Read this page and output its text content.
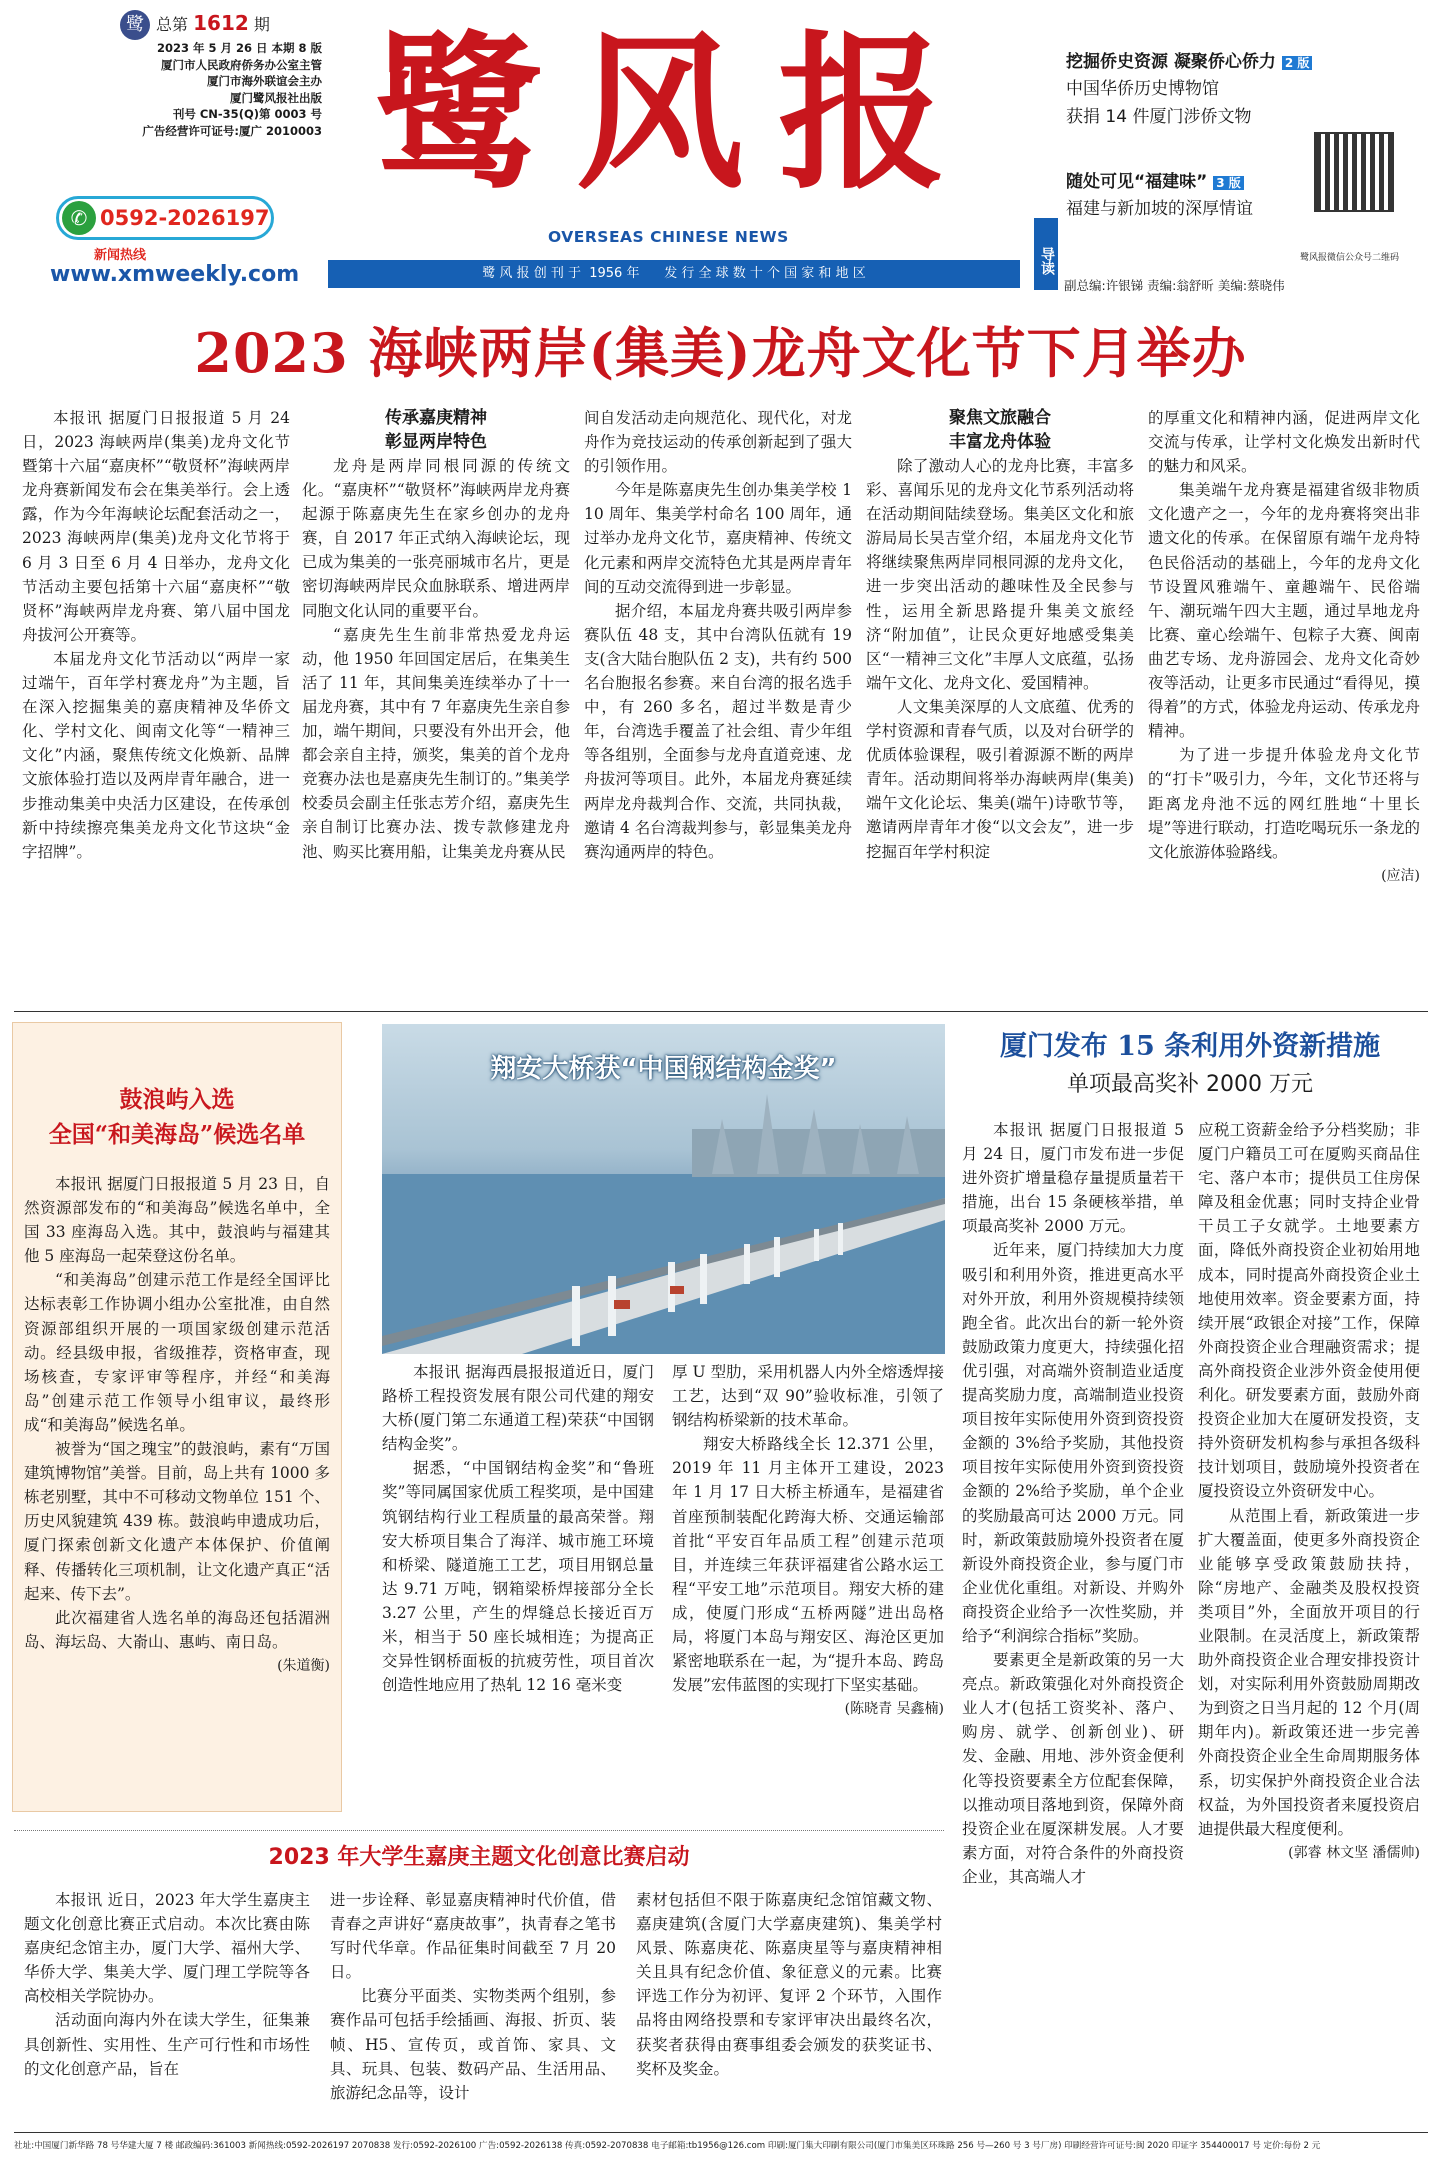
鹭 总第 1612 期
2023 年 5 月 26 日 本期 8 版
厦门市人民政府侨务办公室主管
厦门市海外联谊会主办
厦门鹭风报社出版
刊号 CN-35(Q)第 0003 号
广告经营许可证号:厦广 2010003
✆ 0592-2026197
新闻热线
www.xmweekly.com
鹭风报
OVERSEAS CHINESE NEWS
鹭 风 报 创 刊 于  1956 年      发 行 全 球 数 十 个 国 家 和 地 区	导读
挖掘侨史资源 凝聚侨心侨力 2 版
中国华侨历史博物馆
获捐 14 件厦门涉侨文物
随处可见“福建味” 3 版
福建与新加坡的深厚情谊
鹭风报微信公众号二维码
副总编:许银锑 责编:翁舒昕 美编:蔡晓伟
2023 海峡两岸(集美)龙舟文化节下月举办

本报讯 据厦门日报报道 5 月 24 日，2023 海峡两岸(集美)龙舟文化节暨第十六届“嘉庚杯”“敬贤杯”海峡两岸龙舟赛新闻发布会在集美举行。会上透露，作为今年海峡论坛配套活动之一，2023 海峡两岸(集美)龙舟文化节将于 6 月 3 日至 6 月 4 日举办，龙舟文化节活动主要包括第十六届“嘉庚杯”“敬贤杯”海峡两岸龙舟赛、第八届中国龙舟拔河公开赛等。

本届龙舟文化节活动以“两岸一家过端午，百年学村赛龙舟”为主题，旨在深入挖掘集美的嘉庚精神及华侨文化、学村文化、闽南文化等“一精神三文化”内涵，聚焦传统文化焕新、品牌文旅体验打造以及两岸青年融合，进一步推动集美中央活力区建设，在传承创新中持续擦亮集美龙舟文化节这块“金字招牌”。

传承嘉庚精神
彰显两岸特色

龙舟是两岸同根同源的传统文化。“嘉庚杯”“敬贤杯”海峡两岸龙舟赛起源于陈嘉庚先生在家乡创办的龙舟赛，自 2017 年正式纳入海峡论坛，现已成为集美的一张亮丽城市名片，更是密切海峡两岸民众血脉联系、增进两岸同胞文化认同的重要平台。

“嘉庚先生生前非常热爱龙舟运动，他 1950 年回国定居后，在集美生活了 11 年，其间集美连续举办了十一届龙舟赛，其中有 7 年嘉庚先生亲自参加，端午期间，只要没有外出开会，他都会亲自主持，颁奖，集美的首个龙舟竞赛办法也是嘉庚先生制订的。”集美学校委员会副主任张志芳介绍，嘉庚先生亲自制订比赛办法、拨专款修建龙舟池、购买比赛用船，让集美龙舟赛从民

间自发活动走向规范化、现代化，对龙舟作为竞技运动的传承创新起到了强大的引领作用。

今年是陈嘉庚先生创办集美学校 110 周年、集美学村命名 100 周年，通过举办龙舟文化节，嘉庚精神、传统文化元素和两岸交流特色尤其是两岸青年间的互动交流得到进一步彰显。

据介绍，本届龙舟赛共吸引两岸参赛队伍 48 支，其中台湾队伍就有 19 支(含大陆台胞队伍 2 支)，共有约 500 名台胞报名参赛。来自台湾的报名选手中，有 260 多名，超过半数是青少年，台湾选手覆盖了社会组、青少年组等各组别，全面参与龙舟直道竞速、龙舟拔河等项目。此外，本届龙舟赛延续两岸龙舟裁判合作、交流，共同执裁，邀请 4 名台湾裁判参与，彰显集美龙舟赛沟通两岸的特色。

聚焦文旅融合
丰富龙舟体验

除了激动人心的龙舟比赛，丰富多彩、喜闻乐见的龙舟文化节系列活动将在活动期间陆续登场。集美区文化和旅游局局长吴吉堂介绍，本届龙舟文化节将继续聚焦两岸同根同源的龙舟文化，进一步突出活动的趣味性及全民参与性，运用全新思路提升集美文旅经济“附加值”，让民众更好地感受集美区“一精神三文化”丰厚人文底蕴，弘扬端午文化、龙舟文化、爱国精神。

人文集美深厚的人文底蕴、优秀的学村资源和青春气质，以及对台研学的优质体验课程，吸引着源源不断的两岸青年。活动期间将举办海峡两岸(集美)端午文化论坛、集美(端午)诗歌节等，邀请两岸青年才俊“以文会友”，进一步挖掘百年学村积淀

的厚重文化和精神内涵，促进两岸文化交流与传承，让学村文化焕发出新时代的魅力和风采。

集美端午龙舟赛是福建省级非物质文化遗产之一，今年的龙舟赛将突出非遗文化的传承。在保留原有端午龙舟特色民俗活动的基础上，今年的龙舟文化节设置风雅端午、童趣端午、民俗端午、潮玩端午四大主题，通过旱地龙舟比赛、童心绘端午、包粽子大赛、闽南曲艺专场、龙舟游园会、龙舟文化奇妙夜等活动，让更多市民通过“看得见，摸得着”的方式，体验龙舟运动、传承龙舟精神。

为了进一步提升体验龙舟文化节的“打卡”吸引力，今年，文化节还将与距离龙舟池不远的网红胜地“十里长堤”等进行联动，打造吃喝玩乐一条龙的文化旅游体验路线。

(应洁)
鼓浪屿入选
全国“和美海岛”候选名单

本报讯 据厦门日报报道 5 月 23 日，自然资源部发布的“和美海岛”候选名单中，全国 33 座海岛入选。其中，鼓浪屿与福建其他 5 座海岛一起荣登这份名单。

“和美海岛”创建示范工作是经全国评比达标表彰工作协调小组办公室批准，由自然资源部组织开展的一项国家级创建示范活动。经县级申报，省级推荐，资格审查，现场核查，专家评审等程序，并经“和美海岛”创建示范工作领导小组审议，最终形成“和美海岛”候选名单。

被誉为“国之瑰宝”的鼓浪屿，素有“万国建筑博物馆”美誉。目前，岛上共有 1000 多栋老别墅，其中不可移动文物单位 151 个、历史风貌建筑 439 栋。鼓浪屿申遗成功后，厦门探索创新文化遗产本体保护、价值阐释、传播转化三项机制，让文化遗产真正“活起来、传下去”。

此次福建省人选名单的海岛还包括湄洲岛、海坛岛、大嵛山、惠屿、南日岛。

(朱道衡)
翔安大桥获“中国钢结构金奖”

本报讯 据海西晨报报道近日，厦门路桥工程投资发展有限公司代建的翔安大桥(厦门第二东通道工程)荣获“中国钢结构金奖”。

据悉，“中国钢结构金奖”和“鲁班奖”等同属国家优质工程奖项，是中国建筑钢结构行业工程质量的最高荣誉。翔安大桥项目集合了海洋、城市施工环境和桥梁、隧道施工工艺，项目用钢总量达 9.71 万吨，钢箱梁桥焊接部分全长 3.27 公里，产生的焊缝总长接近百万米，相当于 50 座长城相连；为提高正交异性钢桥面板的抗疲劳性，项目首次创造性地应用了热轧 12 16 毫米变

厚 U 型肋，采用机器人内外全熔透焊接工艺，达到“双 90”验收标准，引领了钢结构桥梁新的技术革命。

翔安大桥路线全长 12.371 公里，2019 年 11 月主体开工建设，2023 年 1 月 17 日大桥主桥通车，是福建省首座预制装配化跨海大桥、交通运输部首批“平安百年品质工程”创建示范项目，并连续三年获评福建省公路水运工程“平安工地”示范项目。翔安大桥的建成，使厦门形成“五桥两隧”进出岛格局，将厦门本岛与翔安区、海沧区更加紧密地联系在一起，为“提升本岛、跨岛发展”宏伟蓝图的实现打下坚实基础。

(陈晓青 吴鑫楠)
厦门发布 15 条利用外资新措施
单项最高奖补 2000 万元

本报讯 据厦门日报报道 5 月 24 日，厦门市发布进一步促进外资扩增量稳存量提质量若干措施，出台 15 条硬核举措，单项最高奖补 2000 万元。

近年来，厦门持续加大力度吸引和利用外资，推进更高水平对外开放，利用外资规模持续领跑全省。此次出台的新一轮外资鼓励政策力度更大，持续强化招优引强，对高端外资制造业适度提高奖励力度，高端制造业投资项目按年实际使用外资到资投资金额的 3%给予奖励，其他投资项目按年实际使用外资到资投资金额的 2%给予奖励，单个企业的奖励最高可达 2000 万元。同时，新政策鼓励境外投资者在厦新设外商投资企业，参与厦门市企业优化重组。对新设、并购外商投资企业给予一次性奖励，并给予“利润综合指标”奖励。

要素更全是新政策的另一大亮点。新政策强化对外商投资企业人才(包括工资奖补、落户、购房、就学、创新创业)、研发、金融、用地、涉外资金便利化等投资要素全方位配套保障，以推动项目落地到资，保障外商投资企业在厦深耕发展。人才要素方面，对符合条件的外商投资企业，其高端人才

应税工资薪金给予分档奖励；非厦门户籍员工可在厦购买商品住宅、落户本市；提供员工住房保障及租金优惠；同时支持企业骨干员工子女就学。土地要素方面，降低外商投资企业初始用地成本，同时提高外商投资企业土地使用效率。资金要素方面，持续开展“政银企对接”工作，保障外商投资企业合理融资需求；提高外商投资企业涉外资金使用便利化。研发要素方面，鼓励外商投资企业加大在厦研发投资，支持外资研发机构参与承担各级科技计划项目，鼓励境外投资者在厦投资设立外资研发中心。

从范围上看，新政策进一步扩大覆盖面，使更多外商投资企业能够享受政策鼓励扶持，除“房地产、金融类及股权投资类项目”外，全面放开项目的行业限制。在灵活度上，新政策帮助外商投资企业合理安排投资计划，对实际利用外资鼓励周期改为到资之日当月起的 12 个月(周期年内)。新政策还进一步完善外商投资企业全生命周期服务体系，切实保护外商投资企业合法权益，为外国投资者来厦投资启迪提供最大程度便利。

(郭睿 林文坚 潘儒帅)
2023 年大学生嘉庚主题文化创意比赛启动

本报讯 近日，2023 年大学生嘉庚主题文化创意比赛正式启动。本次比赛由陈嘉庚纪念馆主办，厦门大学、福州大学、华侨大学、集美大学、厦门理工学院等各高校相关学院协办。

活动面向海内外在读大学生，征集兼具创新性、实用性、生产可行性和市场性的文化创意产品，旨在

进一步诠释、彰显嘉庚精神时代价值，借青春之声讲好“嘉庚故事”，执青春之笔书写时代华章。作品征集时间截至 7 月 20 日。

比赛分平面类、实物类两个组别，参赛作品可包括手绘插画、海报、折页、装帧、H5、宣传页，或首饰、家具、文具、玩具、包装、数码产品、生活用品、旅游纪念品等，设计

素材包括但不限于陈嘉庚纪念馆馆藏文物、嘉庚建筑(含厦门大学嘉庚建筑)、集美学村风景、陈嘉庚花、陈嘉庚星等与嘉庚精神相关且具有纪念价值、象征意义的元素。比赛评选工作分为初评、复评 2 个环节，入围作品将由网络投票和专家评审决出最终名次，获奖者获得由赛事组委会颁发的获奖证书、奖杯及奖金。

社址:中国厦门新华路 78 号华建大厦 7 楼 邮政编码:361003 新闻热线:0592-2026197 2070838 发行:0592-2026100 广告:0592-2026138 传真:0592-2070838 电子邮箱:tb1956@126.com 印刷:厦门集大印刷有限公司(厦门市集美区环珠路 256 号—260 号 3 号厂房) 印刷经营许可证号:闽 2020 印证字 354400017 号 定价:每份 2 元
